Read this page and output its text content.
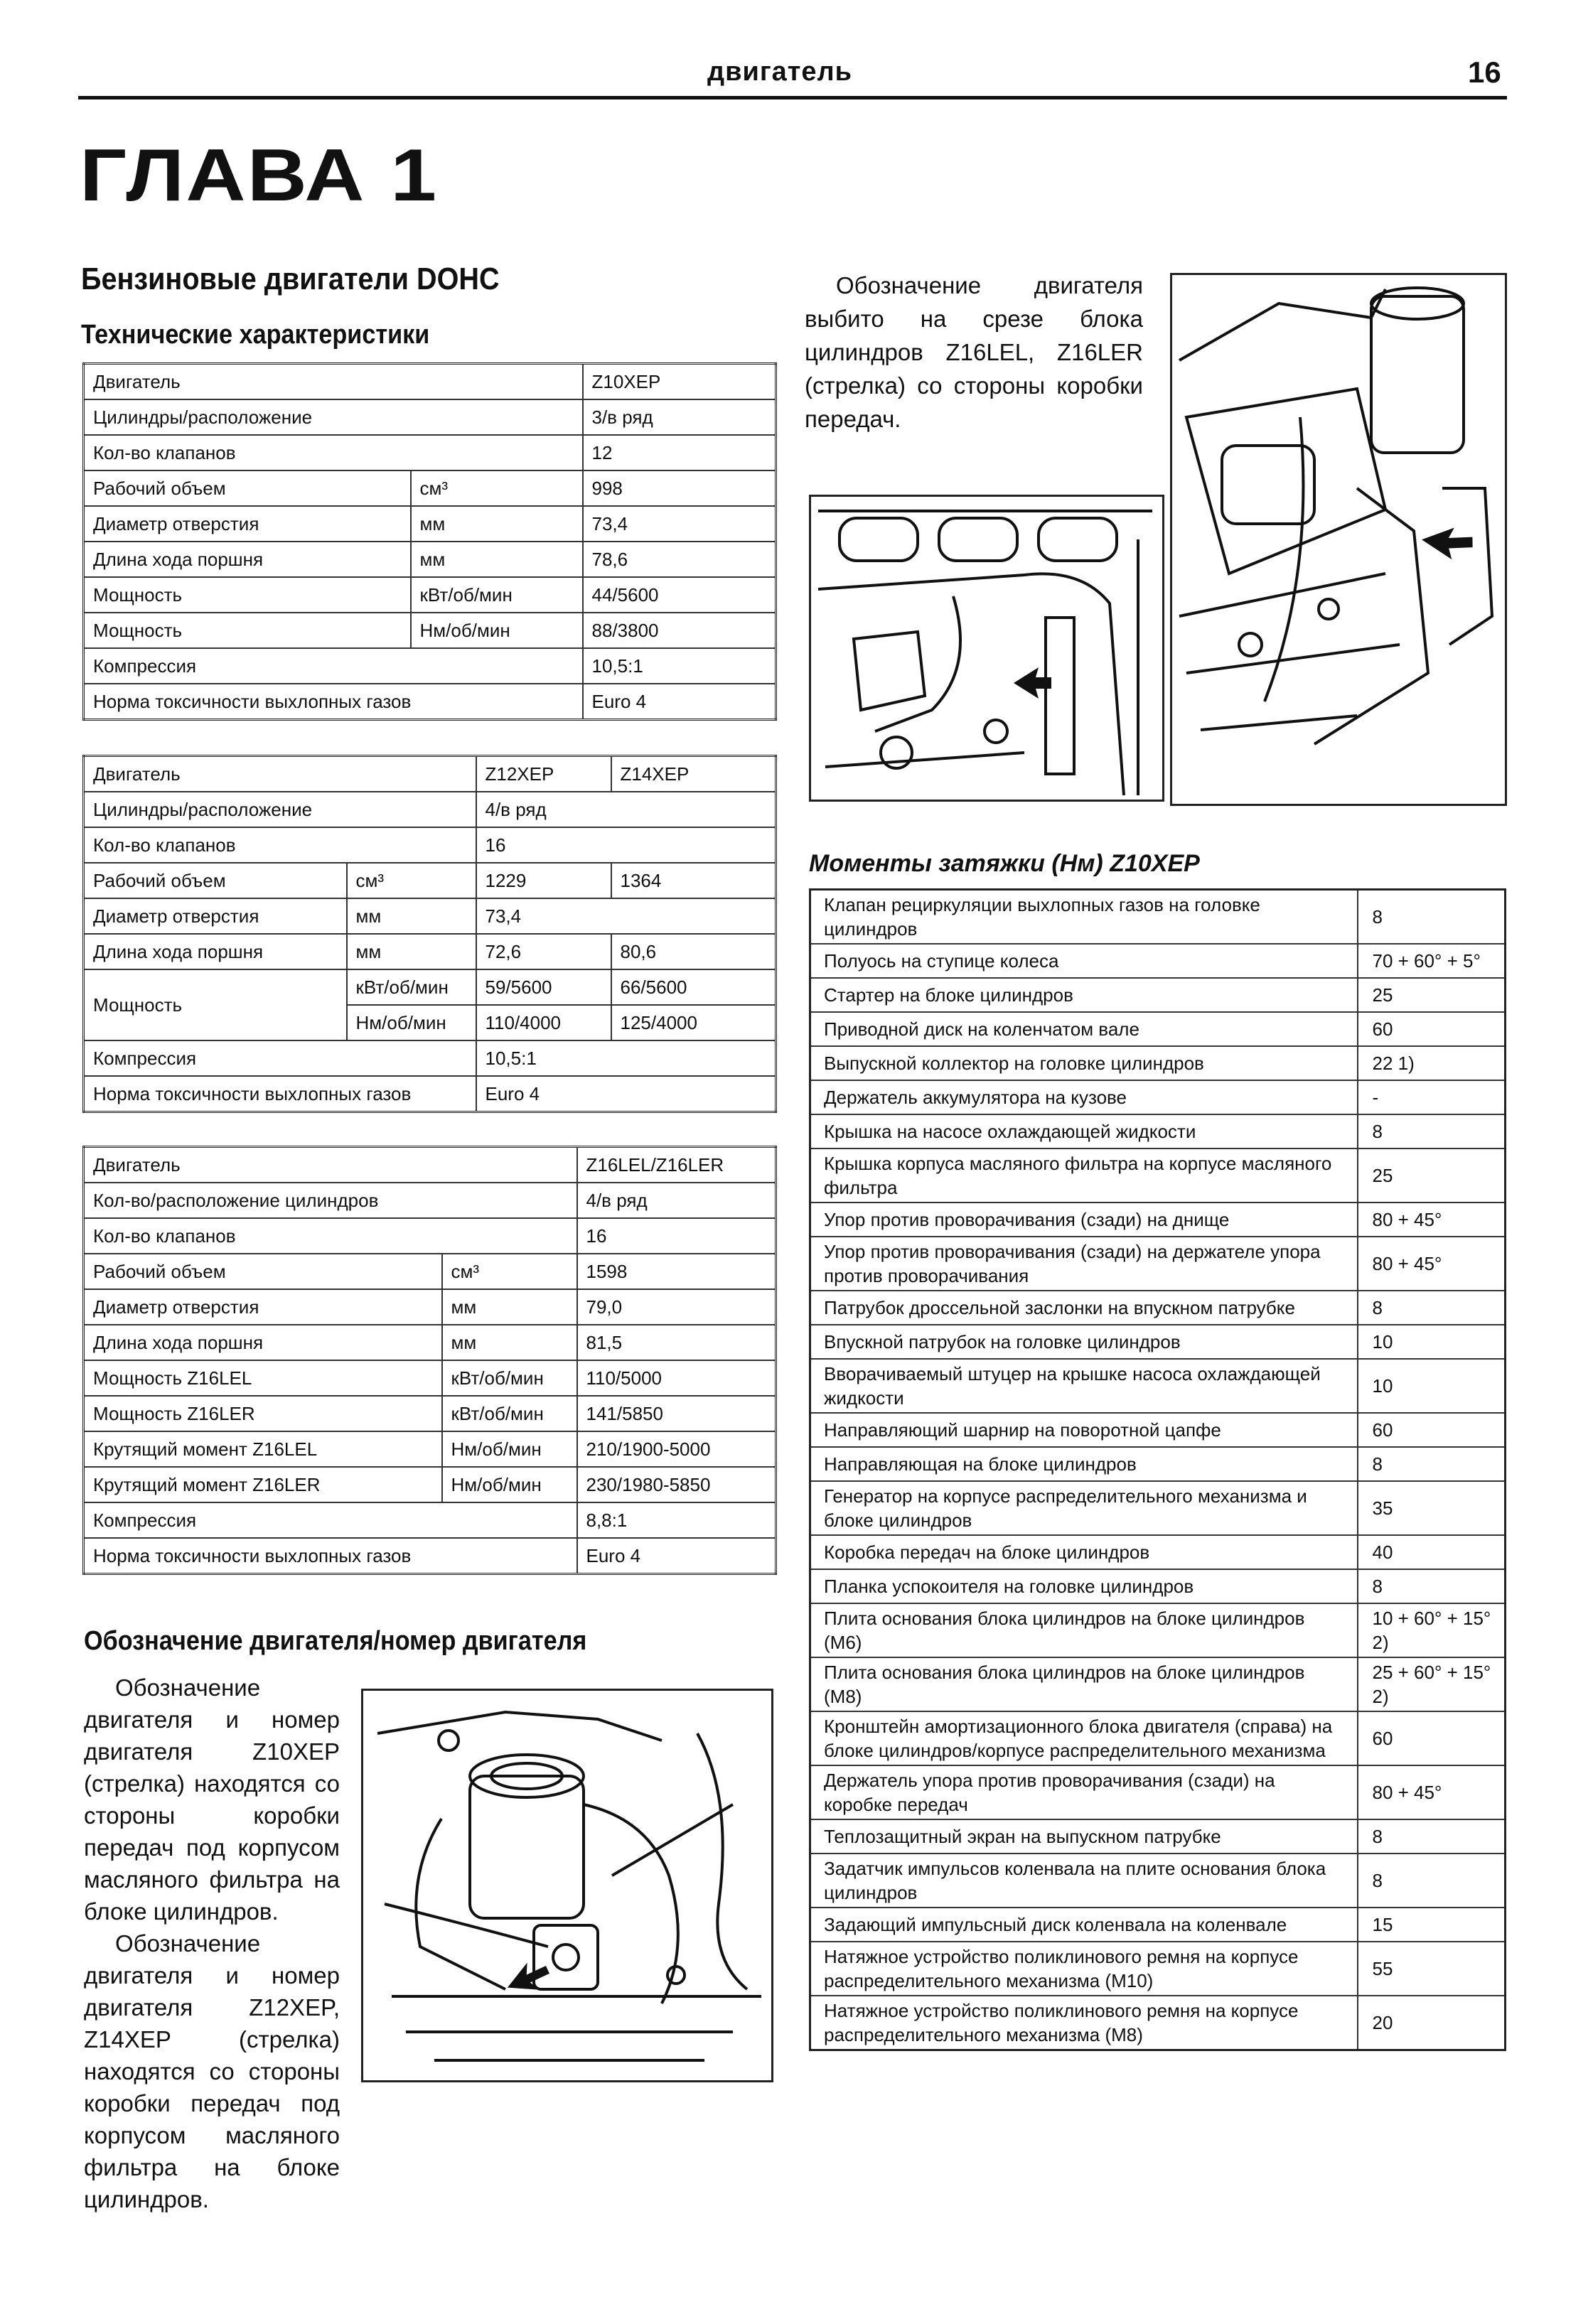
двигатель	16
ГЛАВА 1
Бензиновые двигатели DOHC
Технические характеристики
Двигатель		Z10XEP
Цилиндры/расположение		3/в ряд
Кол-во клапанов		12
Рабочий объем	см³	998
Диаметр отверстия	мм	73,4
Длина хода поршня	мм	78,6
Мощность	кВт/об/мин	44/5600
Мощность	Нм/об/мин	88/3800
Компрессия		10,5:1
Норма токсичности выхлопных газов		Euro 4
Двигатель		Z12XEP	Z14XEP
Цилиндры/расположение		4/в ряд	
Кол-во клапанов		16	
Рабочий объем	см³	1229	1364
Диаметр отверстия	мм	73,4	
Длина хода поршня	мм	72,6	80,6
Мощность	кВт/об/мин	59/5600	66/5600
	Нм/об/мин	110/4000	125/4000
Компрессия		10,5:1	
Норма токсичности выхлопных газов		Euro 4	
Двигатель		Z16LEL/Z16LER
Кол-во/расположение цилиндров		4/в ряд
Кол-во клапанов		16
Рабочий объем	см³	1598
Диаметр отверстия	мм	79,0
Длина хода поршня	мм	81,5
Мощность Z16LEL	кВт/об/мин	110/5000
Мощность Z16LER	кВт/об/мин	141/5850
Крутящий момент Z16LEL	Нм/об/мин	210/1900-5000
Крутящий момент Z16LER	Нм/об/мин	230/1980-5850
Компрессия		8,8:1
Норма токсичности выхлопных газов		Euro 4
Обозначение двигателя/номер двигателя

Обозначение двигателя и номер двигателя Z10XEP (стрелка) находятся со стороны коробки передач под корпусом масляного фильтра на блоке цилиндров.

Обозначение двигателя и номер двигателя Z12XEP, Z14XEP (стрелка) находятся со стороны коробки передач под корпусом масляного фильтра на блоке цилиндров.

Обозначение двигателя выбито на срезе блока цилиндров Z16LEL, Z16LER (стрелка) со стороны коробки передач.

Моменты затяжки (Нм) Z10XEP
Клапан рециркуляции выхлопных газов на головке цилиндров	8
Полуось на ступице колеса	70 + 60° + 5°
Стартер на блоке цилиндров	25
Приводной диск на коленчатом вале	60
Выпускной коллектор на головке цилиндров	22 1)
Держатель аккумулятора на кузове	-
Крышка на насосе охлаждающей жидкости	8
Крышка корпуса масляного фильтра на корпусе масляного фильтра	25
Упор против проворачивания (сзади) на днище	80 + 45°
Упор против проворачивания (сзади) на держателе упора против проворачивания	80 + 45°
Патрубок дроссельной заслонки на впускном патрубке	8
Впускной патрубок на головке цилиндров	10
Вворачиваемый штуцер на крышке насоса охлаждающей жидкости	10
Направляющий шарнир на поворотной цапфе	60
Направляющая на блоке цилиндров	8
Генератор на корпусе распределительного механизма и блоке цилиндров	35
Коробка передач на блоке цилиндров	40
Планка успокоителя на головке цилиндров	8
Плита основания блока цилиндров на блоке цилиндров (М6)	10 + 60° + 15° 2)
Плита основания блока цилиндров на блоке цилиндров (М8)	25 + 60° + 15° 2)
Кронштейн амортизационного блока двигателя (справа) на блоке цилиндров/корпусе распределительного механизма	60
Держатель упора против проворачивания (сзади) на коробке передач	80 + 45°
Теплозащитный экран на выпускном патрубке	8
Задатчик импульсов коленвала на плите основания блока цилиндров	8
Задающий импульсный диск коленвала на коленвале	15
Натяжное устройство поликлинового ремня на корпусе распределительного механизма (М10)	55
Натяжное устройство поликлинового ремня на корпусе распределительного механизма (М8)	20
